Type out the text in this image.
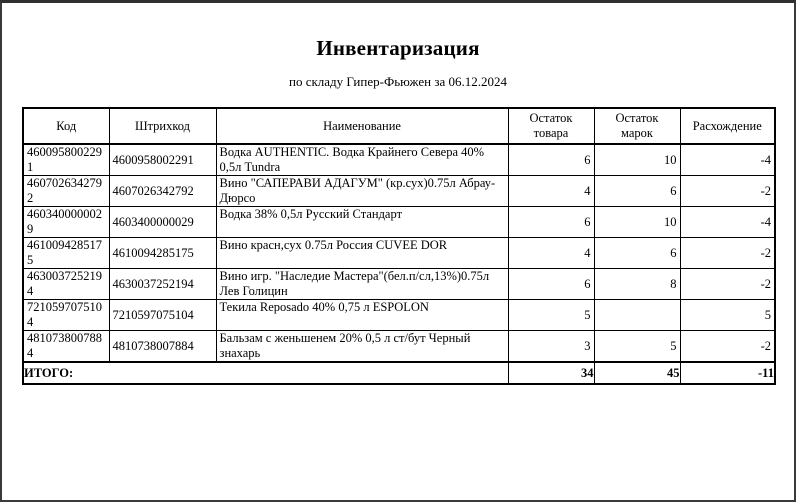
Инвентаризация
по складу Гипер-Фьюжен за 06.12.2024
Код	Штрихкод	Наименование	Остаток товара	Остаток марок	Расхождение
4600958002291	4600958002291	Водка AUTHENTIC. Водка Крайнего Севера 40% 0,5л Tundra	6	10	-4
4607026342792	4607026342792	Вино "САПЕРАВИ АДАГУМ" (кр.сух)0.75л Абрау-Дюрсо	4	6	-2
4603400000029	4603400000029	Водка 38% 0,5л Русский Стандарт	6	10	-4
4610094285175	4610094285175	Вино красн,сух 0.75л Россия CUVEE DOR	4	6	-2
4630037252194	4630037252194	Вино игр. "Наследие Мастера"(бел.п/сл,13%)0.75л Лев Голицин	6	8	-2
7210597075104	7210597075104	Текила Reposado 40% 0,75 л ESPOLON	5		5
4810738007884	4810738007884	Бальзам с женьшенем 20% 0,5 л ст/бут Черный знахарь	3	5	-2
ИТОГО:			34	45	-11
